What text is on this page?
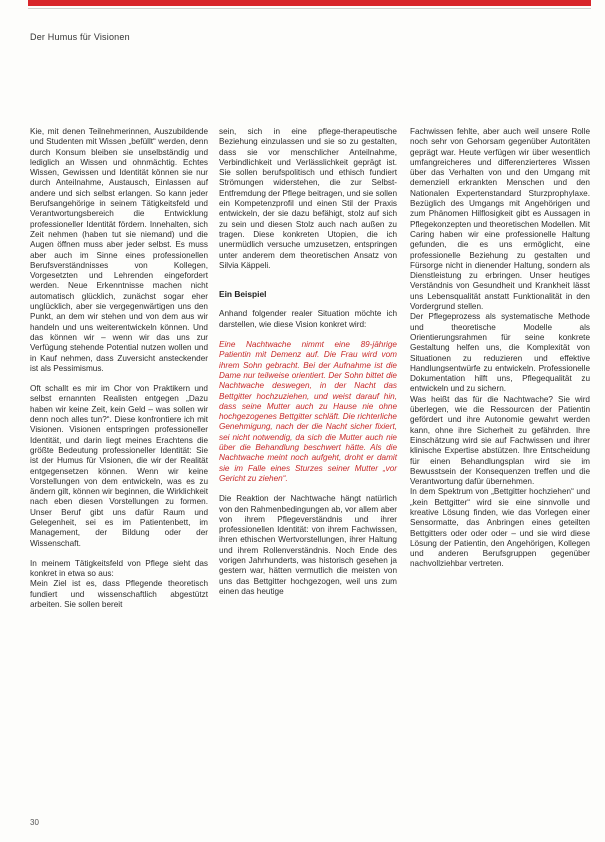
Der Humus für Visionen

Kie, mit denen Teilnehmerinnen, Auszubildende und Studenten mit Wissen „befüllt“ werden, denn durch Konsum bleiben sie unselbständig und lediglich an Wissen und ohnmächtig. Echtes Wissen, Gewissen und Identität können sie nur durch Anteilnahme, Austausch, Einlassen auf andere und sich selbst erlangen. So kann jeder Berufsangehörige in seinem Tätigkeitsfeld und Verantwortungsbereich die Entwicklung professioneller Identität fördern. Innehalten, sich Zeit nehmen (haben tut sie niemand) und die Augen öffnen muss aber jeder selbst. Es muss aber auch im Sinne eines professionellen Berufsverständnisses von Kollegen, Vorgesetzten und Lehrenden eingefordert werden. Neue Erkenntnisse machen nicht automatisch glücklich, zunächst sogar eher unglücklich, aber sie vergegenwärtigen uns den Punkt, an dem wir stehen und von dem aus wir handeln und uns weiterentwickeln können. Und das können wir – wenn wir das uns zur Verfügung stehende Potential nutzen wollen und in Kauf nehmen, dass Zuversicht ansteckender ist als Pessimismus.

Oft schallt es mir im Chor von Praktikern und selbst ernannten Realisten entgegen „Dazu haben wir keine Zeit, kein Geld – was sollen wir denn noch alles tun?“. Diese konfrontiere ich mit Visionen. Visionen entspringen professioneller Identität, und darin liegt meines Erachtens die größte Bedeutung professioneller Identität: Sie ist der Humus für Visionen, die wir der Realität entgegensetzen können. Wenn wir keine Vorstellungen von dem entwickeln, was es zu ändern gilt, können wir beginnen, die Wirklichkeit nach eben diesen Vorstellungen zu formen. Unser Beruf gibt uns dafür Raum und Gelegenheit, sei es im Patientenbett, im Management, der Bildung oder der Wissenschaft.

In meinem Tätigkeitsfeld von Pflege sieht das konkret in etwa so aus:

Mein Ziel ist es, dass Pflegende theoretisch fundiert und wissenschaftlich abgestützt arbeiten. Sie sollen bereit

sein, sich in eine pflege-therapeutische Beziehung einzulassen und sie so zu gestalten, dass sie vor menschlicher Anteilnahme, Verbindlichkeit und Verlässlichkeit geprägt ist. Sie sollen berufspolitisch und ethisch fundiert Strömungen widerstehen, die zur Selbst-Entfremdung der Pflege beitragen, und sie sollen ein Kompetenzprofil und einen Stil der Praxis entwickeln, der sie dazu befähigt, stolz auf sich zu sein und diesen Stolz auch nach außen zu tragen. Diese konkreten Utopien, die ich unermüdlich versuche umzusetzen, entspringen unter anderem dem theoretischen Ansatz von Silvia Käppeli.

Ein Beispiel

Anhand folgender realer Situation möchte ich darstellen, wie diese Vision konkret wird:

Eine Nachtwache nimmt eine 89-jährige Patientin mit Demenz auf. Die Frau wird vom ihrem Sohn gebracht. Bei der Aufnahme ist die Dame nur teilweise orientiert. Der Sohn bittet die Nachtwache deswegen, in der Nacht das Bettgitter hochzuziehen, und weist darauf hin, dass seine Mutter auch zu Hause nie ohne hochgezogenes Bettgitter schläft. Die richterliche Genehmigung, nach der die Nacht sicher fixiert, sei nicht notwendig, da sich die Mutter auch nie über die Behandlung beschwert hätte. Als die Nachtwache meint noch aufgeht, droht er damit sie im Falle eines Sturzes seiner Mutter „vor Gericht zu ziehen“.

Die Reaktion der Nachtwache hängt natürlich von den Rahmenbedingungen ab, vor allem aber von ihrem Pflegeverständnis und ihrer professionellen Identität: von ihrem Fachwissen, ihren ethischen Wertvorstellungen, ihrer Haltung und ihrem Rollenverständnis. Noch Ende des vorigen Jahrhunderts, was historisch gesehen ja gestern war, hätten vermutlich die meisten von uns das Bettgitter hochgezogen, weil uns zum einen das heutige

Fachwissen fehlte, aber auch weil unsere Rolle noch sehr von Gehorsam gegenüber Autoritäten geprägt war. Heute verfügen wir über wesentlich umfangreicheres und differenzierteres Wissen über das Verhalten von und den Umgang mit demenziell erkrankten Menschen und den Nationalen Expertenstandard Sturzprophylaxe. Bezüglich des Umgangs mit Angehörigen und zum Phänomen Hilflosigkeit gibt es Aussagen in Pflegekonzepten und theoretischen Modellen. Mit Caring haben wir eine professionelle Haltung gefunden, die es uns ermöglicht, eine professionelle Beziehung zu gestalten und Fürsorge nicht in dienender Haltung, sondern als Dienstleistung zu erbringen. Unser heutiges Verständnis von Gesundheit und Krankheit lässt uns Lebensqualität anstatt Funktionalität in den Vordergrund stellen.

Der Pflegeprozess als systematische Methode und theoretische Modelle als Orientierungsrahmen für seine konkrete Gestaltung helfen uns, die Komplexität von Situationen zu reduzieren und effektive Handlungsentwürfe zu entwickeln. Professionelle Dokumentation hilft uns, Pflegequalität zu entwickeln und zu sichern.

Was heißt das für die Nachtwache? Sie wird überlegen, wie die Ressourcen der Patientin gefördert und ihre Autonomie gewahrt werden kann, ohne ihre Sicherheit zu gefährden. Ihre Einschätzung wird sie auf Fachwissen und ihrer klinische Expertise abstützen. Ihre Entscheidung für einen Behandlungsplan wird sie im Bewusstsein der Konsequenzen treffen und die Verantwortung dafür übernehmen.

In dem Spektrum von „Bettgitter hochziehen“ und „kein Bettgitter“ wird sie eine sinnvolle und kreative Lösung finden, wie das Vorlegen einer Sensormatte, das Anbringen eines geteilten Bettgitters oder oder oder – und sie wird diese Lösung der Patientin, den Angehörigen, Kollegen und anderen Berufsgruppen gegenüber nachvollziehbar vertreten.

30
